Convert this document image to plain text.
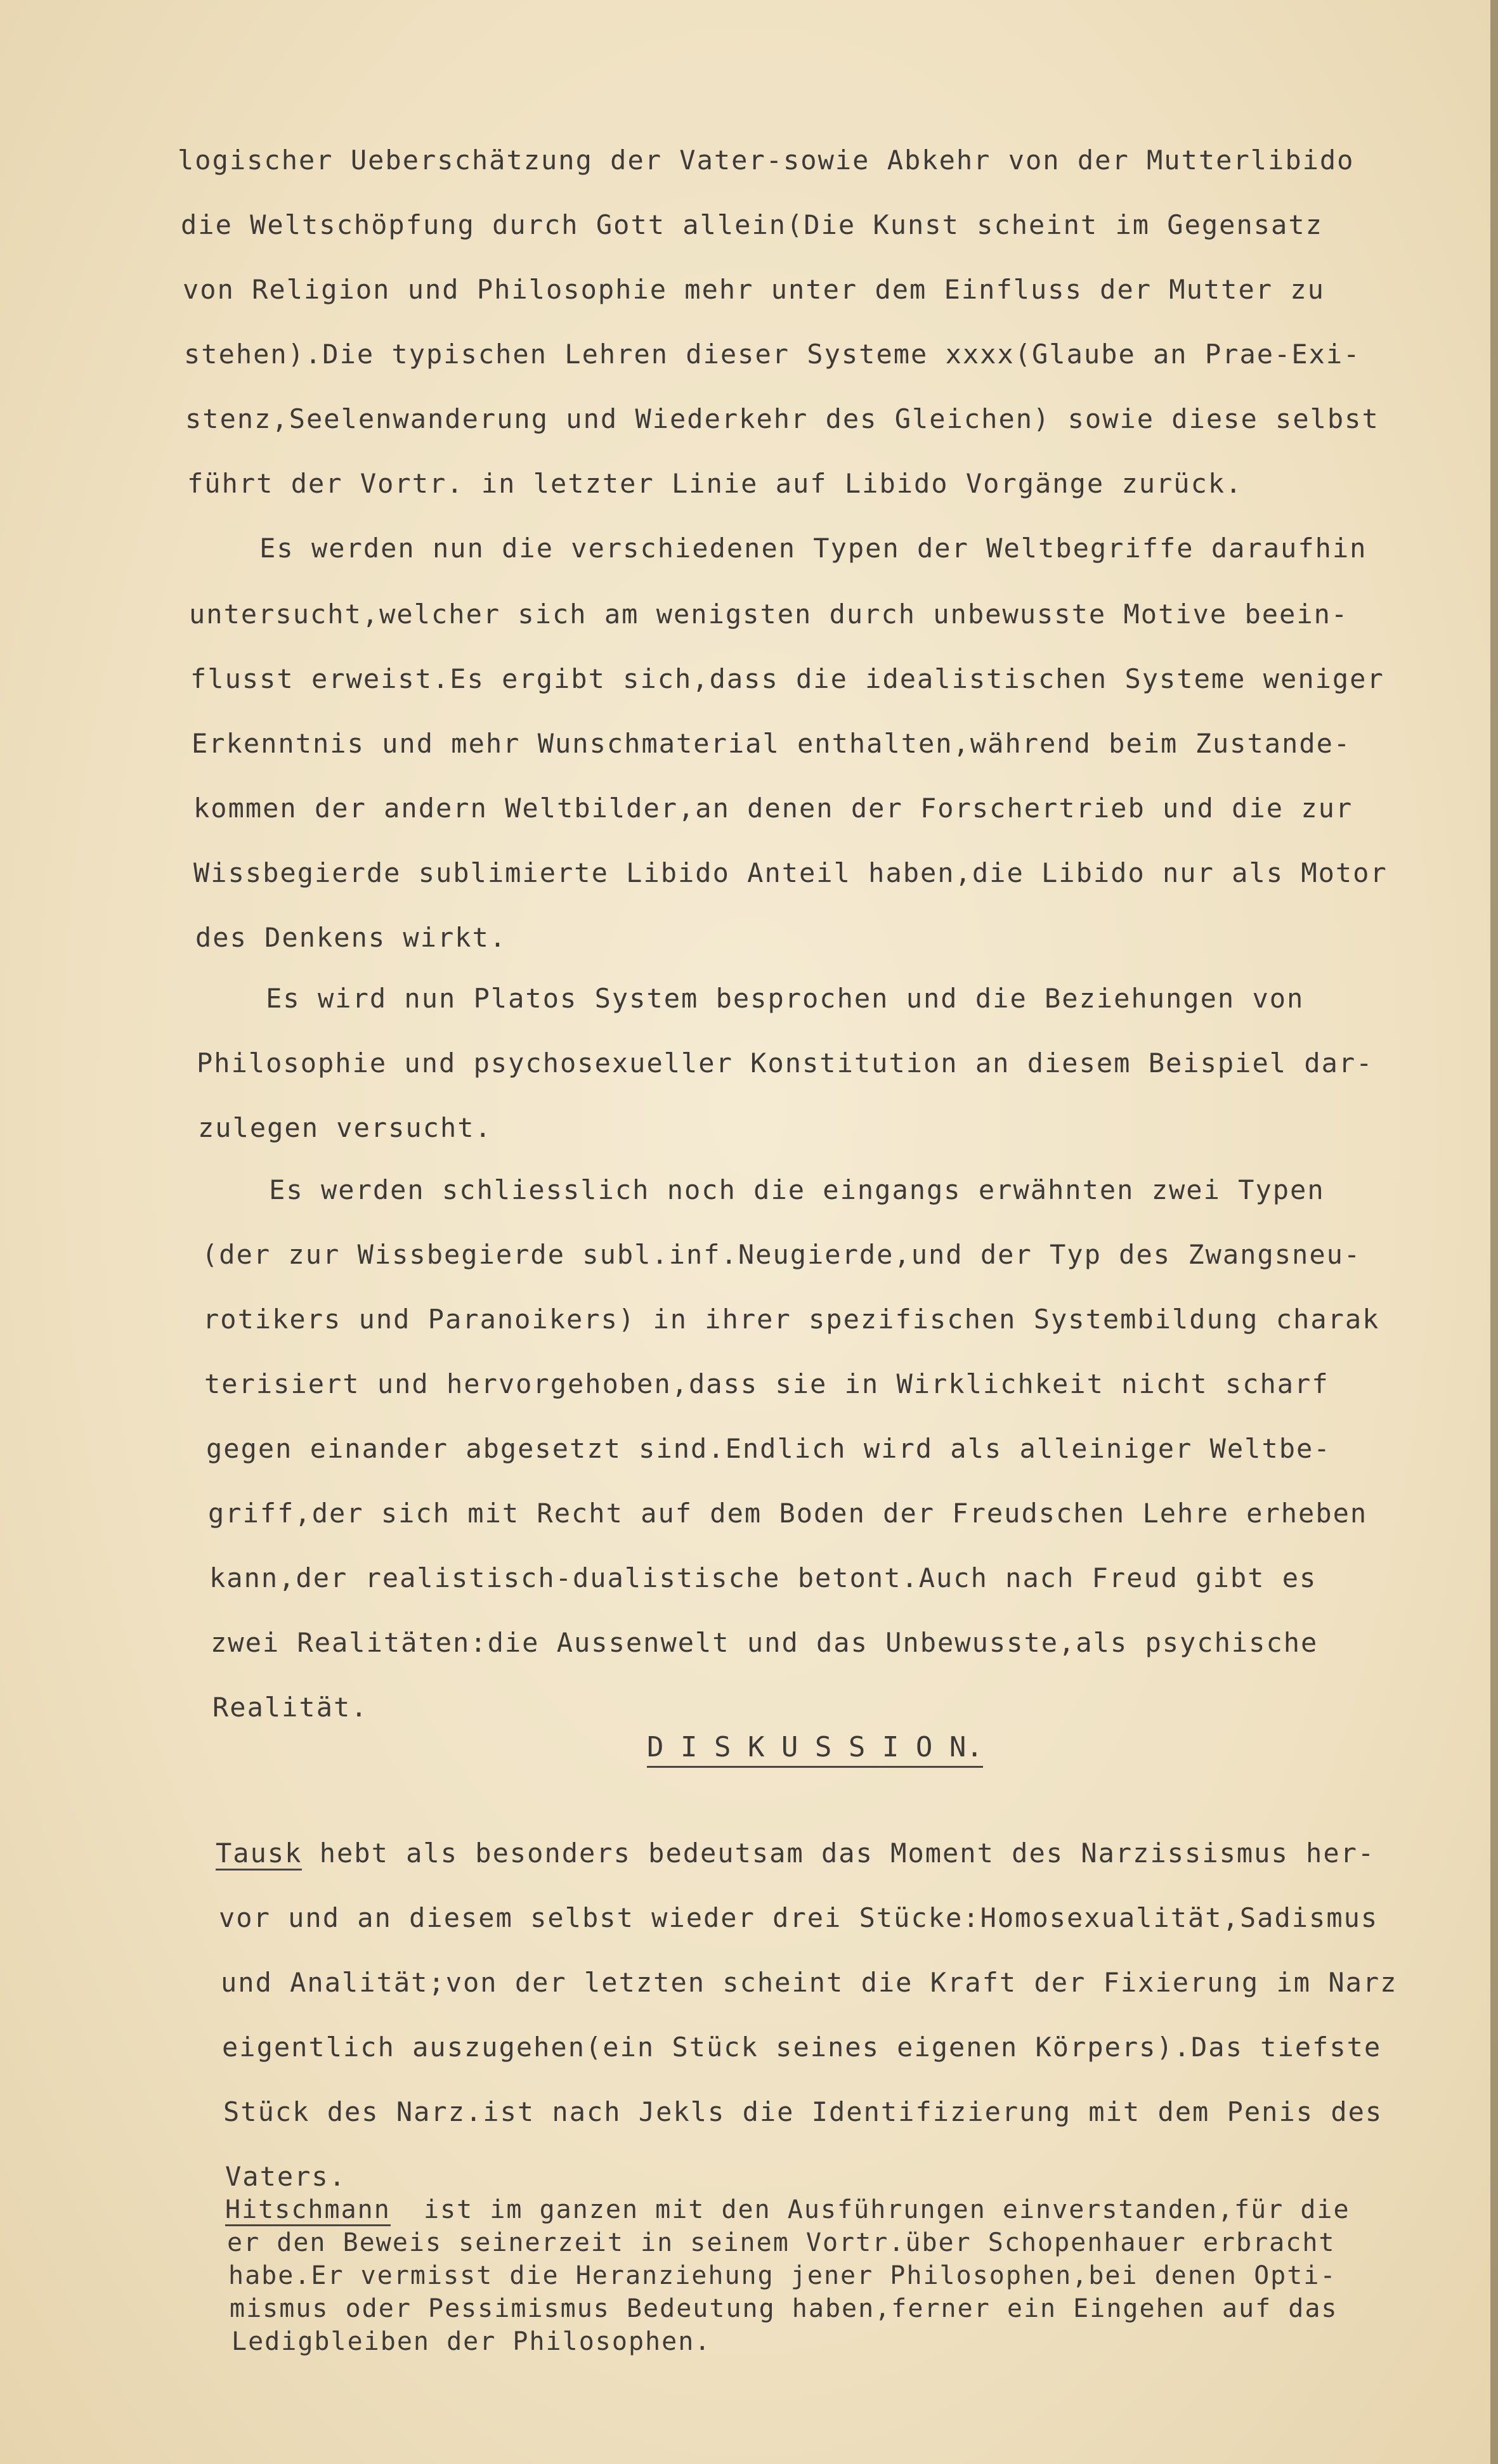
logischer Ueberschätzung der Vater-sowie Abkehr von der Mutterlibido
die Weltschöpfung durch Gott allein(Die Kunst scheint im Gegensatz
von Religion und Philosophie mehr unter dem Einfluss der Mutter zu
stehen).Die typischen Lehren dieser Systeme xxxx(Glaube an Prae-Exi-
stenz,Seelenwanderung und Wiederkehr des Gleichen) sowie diese selbst
führt der Vortr. in letzter Linie auf Libido Vorgänge zurück.
Es werden nun die verschiedenen Typen der Weltbegriffe daraufhin
untersucht,welcher sich am wenigsten durch unbewusste Motive beein-
flusst erweist.Es ergibt sich,dass die idealistischen Systeme weniger
Erkenntnis und mehr Wunschmaterial enthalten,während beim Zustande-
kommen der andern Weltbilder,an denen der Forschertrieb und die zur
Wissbegierde sublimierte Libido Anteil haben,die Libido nur als Motor
des Denkens wirkt.
Es wird nun Platos System besprochen und die Beziehungen von
Philosophie und psychosexueller Konstitution an diesem Beispiel dar-
zulegen versucht.
Es werden schliesslich noch die eingangs erwähnten zwei Typen
(der zur Wissbegierde subl.inf.Neugierde,und der Typ des Zwangsneu-
rotikers und Paranoikers) in ihrer spezifischen Systembildung charak
terisiert und hervorgehoben,dass sie in Wirklichkeit nicht scharf
gegen einander abgesetzt sind.Endlich wird als alleiniger Weltbe-
griff,der sich mit Recht auf dem Boden der Freudschen Lehre erheben
kann,der realistisch-dualistische betont.Auch nach Freud gibt es
zwei Realitäten:die Aussenwelt und das Unbewusste,als psychische
Realität.
D I S K U S S I O N.
Tausk hebt als besonders bedeutsam das Moment des Narzissismus her-
vor und an diesem selbst wieder drei Stücke:Homosexualität,Sadismus
und Analität;von der letzten scheint die Kraft der Fixierung im Narz
eigentlich auszugehen(ein Stück seines eigenen Körpers).Das tiefste
Stück des Narz.ist nach Jekls die Identifizierung mit dem Penis des
Vaters.
Hitschmann  ist im ganzen mit den Ausführungen einverstanden,für die
er den Beweis seinerzeit in seinem Vortr.über Schopenhauer erbracht
habe.Er vermisst die Heranziehung jener Philosophen,bei denen Opti-
mismus oder Pessimismus Bedeutung haben,ferner ein Eingehen auf das
Ledigbleiben der Philosophen.
